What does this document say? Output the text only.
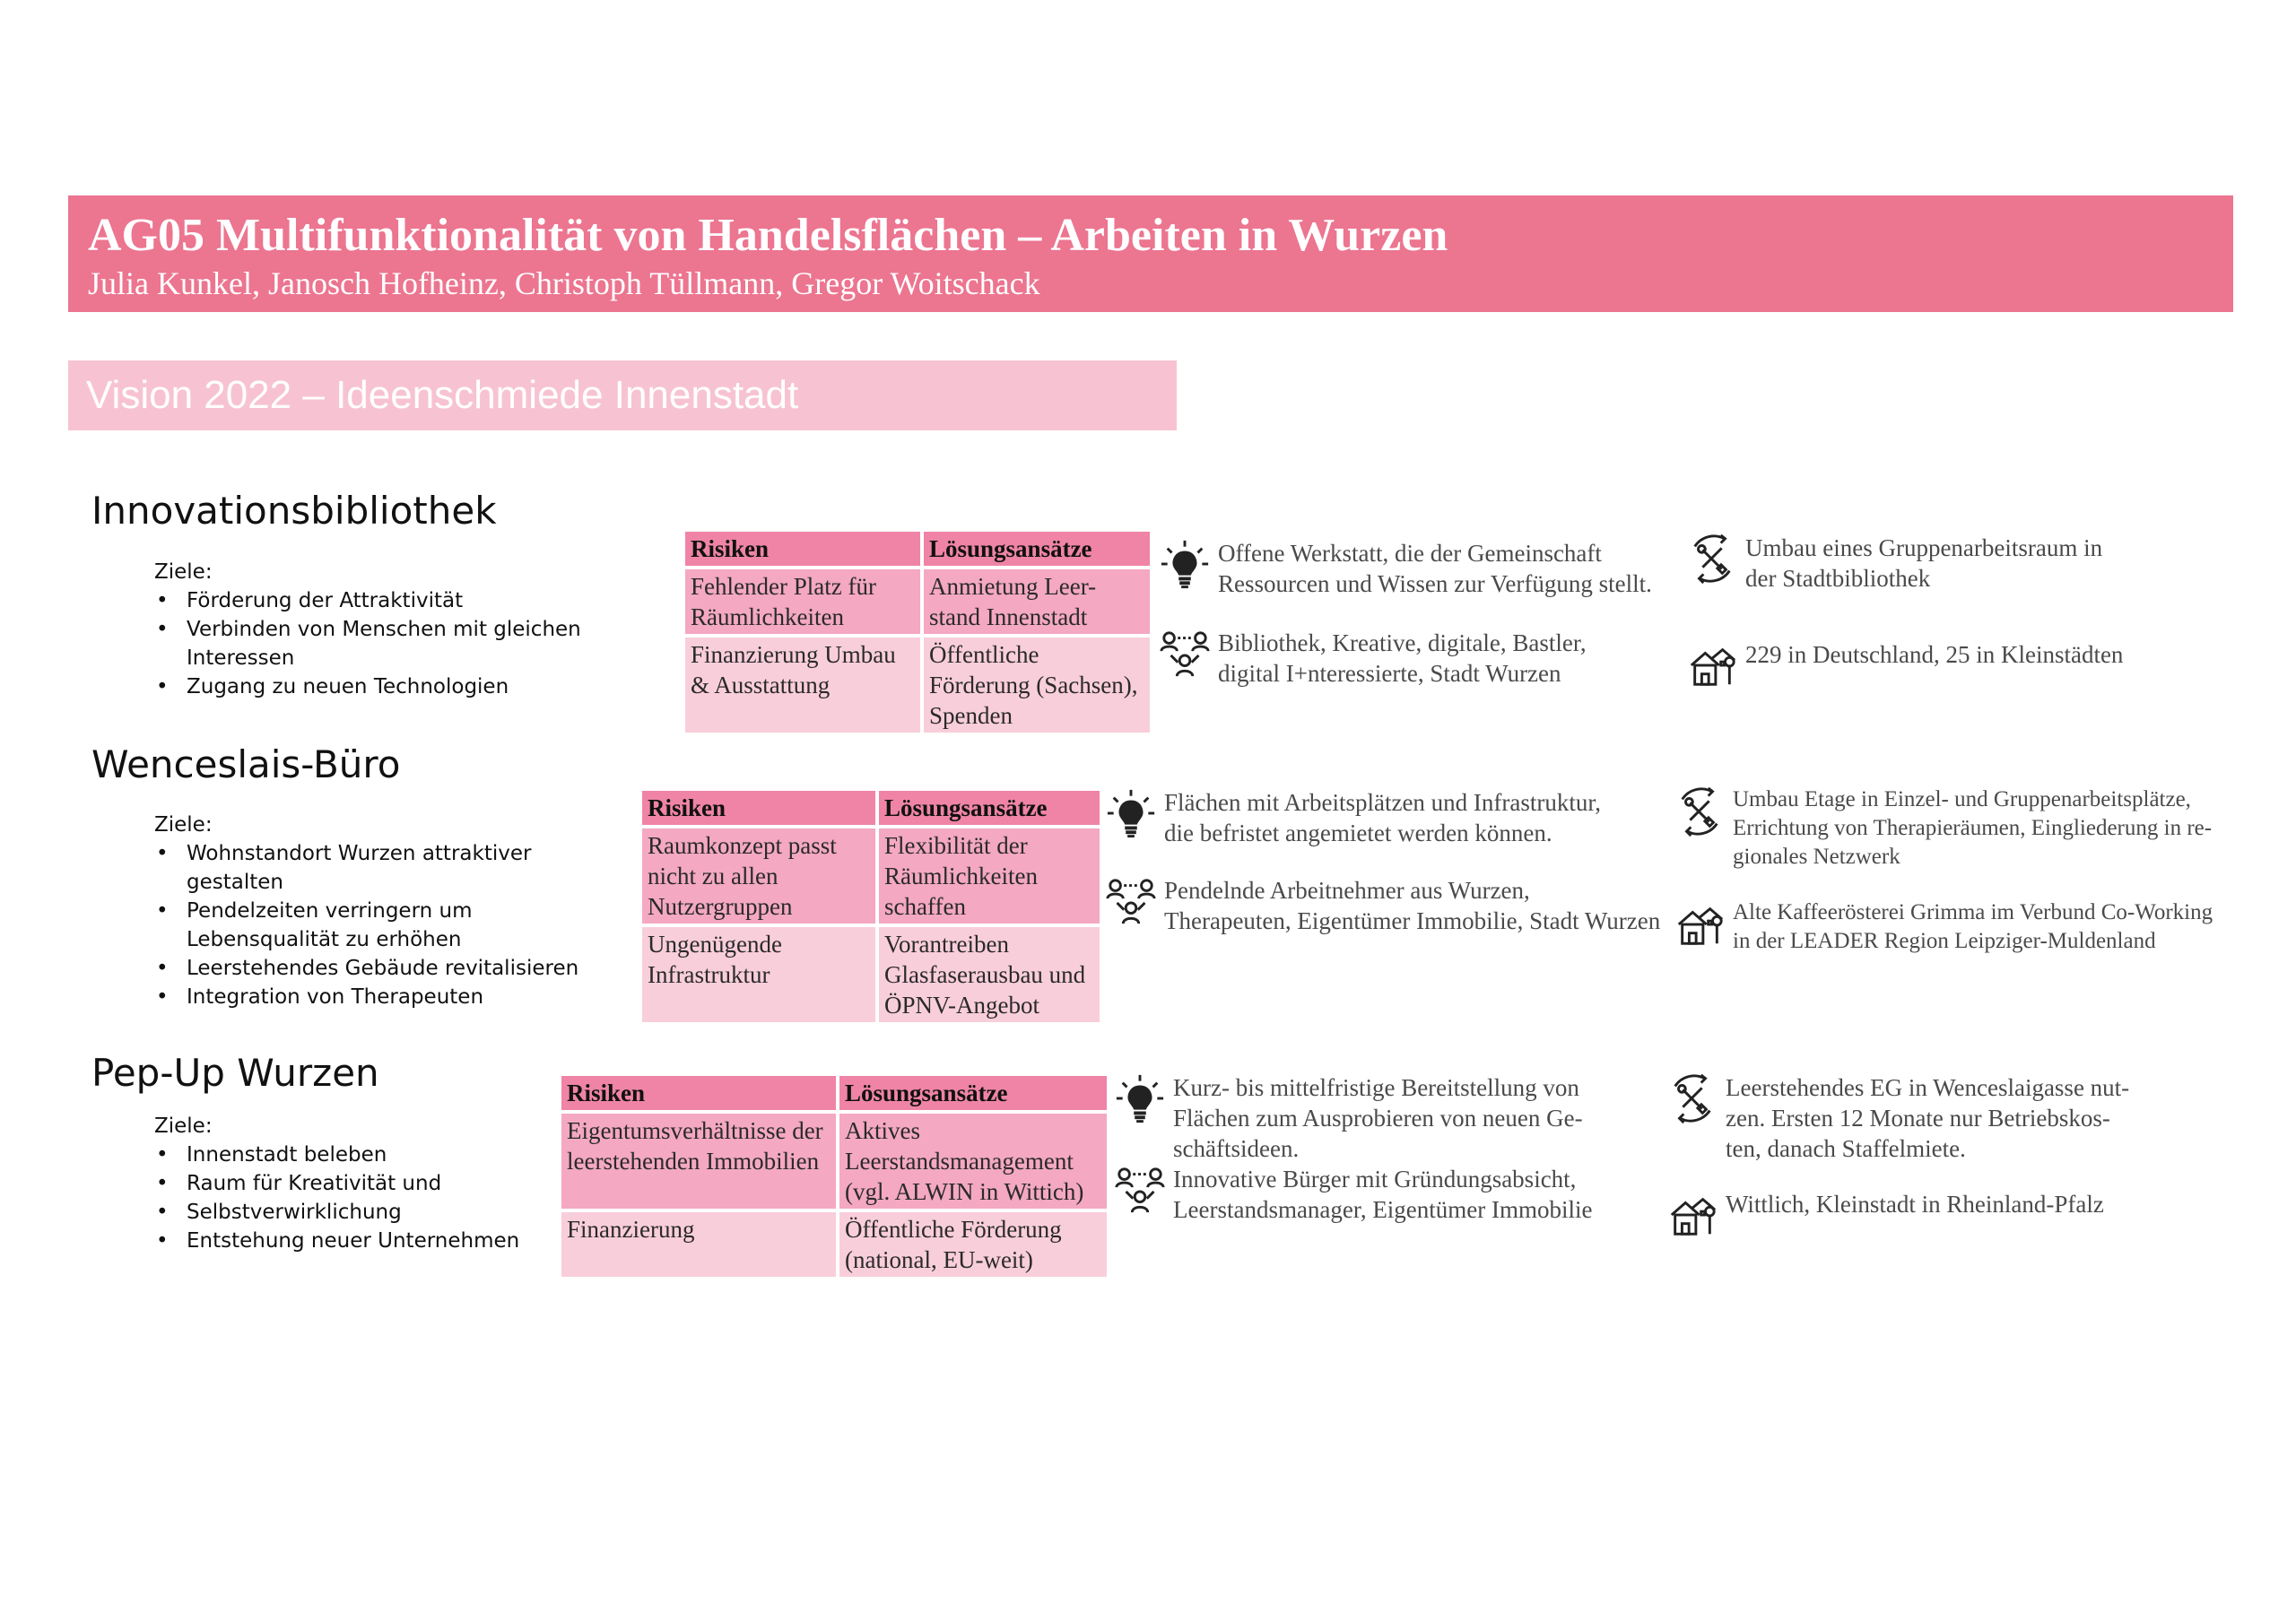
AG05 Multifunktionalität von Handelsflächen – Arbeiten in Wurzen
Julia Kunkel, Janosch Hofheinz, Christoph Tüllmann, Gregor Woitschack
Vision 2022 – Ideenschmiede Innenstadt
Innovationsbibliothek
Ziele:
• Förderung der Attraktivität
• Verbinden von Menschen mit gleichen Interessen
• Zugang zu neuen Technologien
Risiken	Lösungsansätze
Fehlender Platz für Räumlichkeiten	Anmietung Leer-stand Innenstadt
Finanzierung Umbau & Ausstattung	Öffentliche Förderung (Sachsen), Spenden
Offene Werkstatt, die der Gemeinschaft
Ressourcen und Wissen zur Verfügung stellt.
Bibliothek, Kreative, digitale, Bastler,
digital I+nteressierte, Stadt Wurzen
Umbau eines Gruppenarbeitsraum in
der Stadtbibliothek
229 in Deutschland, 25 in Kleinstädten
Wenceslais-Büro
Ziele:
• Wohnstandort Wurzen attraktiver gestalten
• Pendelzeiten verringern um Lebensqualität zu erhöhen
• Leerstehendes Gebäude revitalisieren
• Integration von Therapeuten
Risiken	Lösungsansätze
Raumkonzept passt nicht zu allen Nutzergruppen	Flexibilität der Räumlichkeiten schaffen
Ungenügende Infrastruktur	Vorantreiben Glasfaserausbau und ÖPNV-Angebot
Flächen mit Arbeitsplätzen und Infrastruktur,
die befristet angemietet werden können.
Pendelnde Arbeitnehmer aus Wurzen,
Therapeuten, Eigentümer Immobilie, Stadt Wurzen
Umbau Etage in Einzel- und Gruppenarbeitsplätze,
Errichtung von Therapieräumen, Eingliederung in re-
gionales Netzwerk
Alte Kaffeerösterei Grimma im Verbund Co-Working
in der LEADER Region Leipziger-Muldenland
Pep-Up Wurzen
Ziele:
• Innenstadt beleben
• Raum für Kreativität und
• Selbstverwirklichung
• Entstehung neuer Unternehmen
Risiken	Lösungsansätze
Eigentumsverhältnisse der leerstehenden Immobilien	Aktives Leerstandsmanagement (vgl. ALWIN in Wittich)
Finanzierung	Öffentliche Förderung (national, EU-weit)
Kurz- bis mittelfristige Bereitstellung von
Flächen zum Ausprobieren von neuen Ge-
schäftsideen.
Innovative Bürger mit Gründungsabsicht,
Leerstandsmanager, Eigentümer Immobilie
Leerstehendes EG in Wenceslaigasse nut-
zen. Ersten 12 Monate nur Betriebskos-
ten, danach Staffelmiete.
Wittlich, Kleinstadt in Rheinland-Pfalz
